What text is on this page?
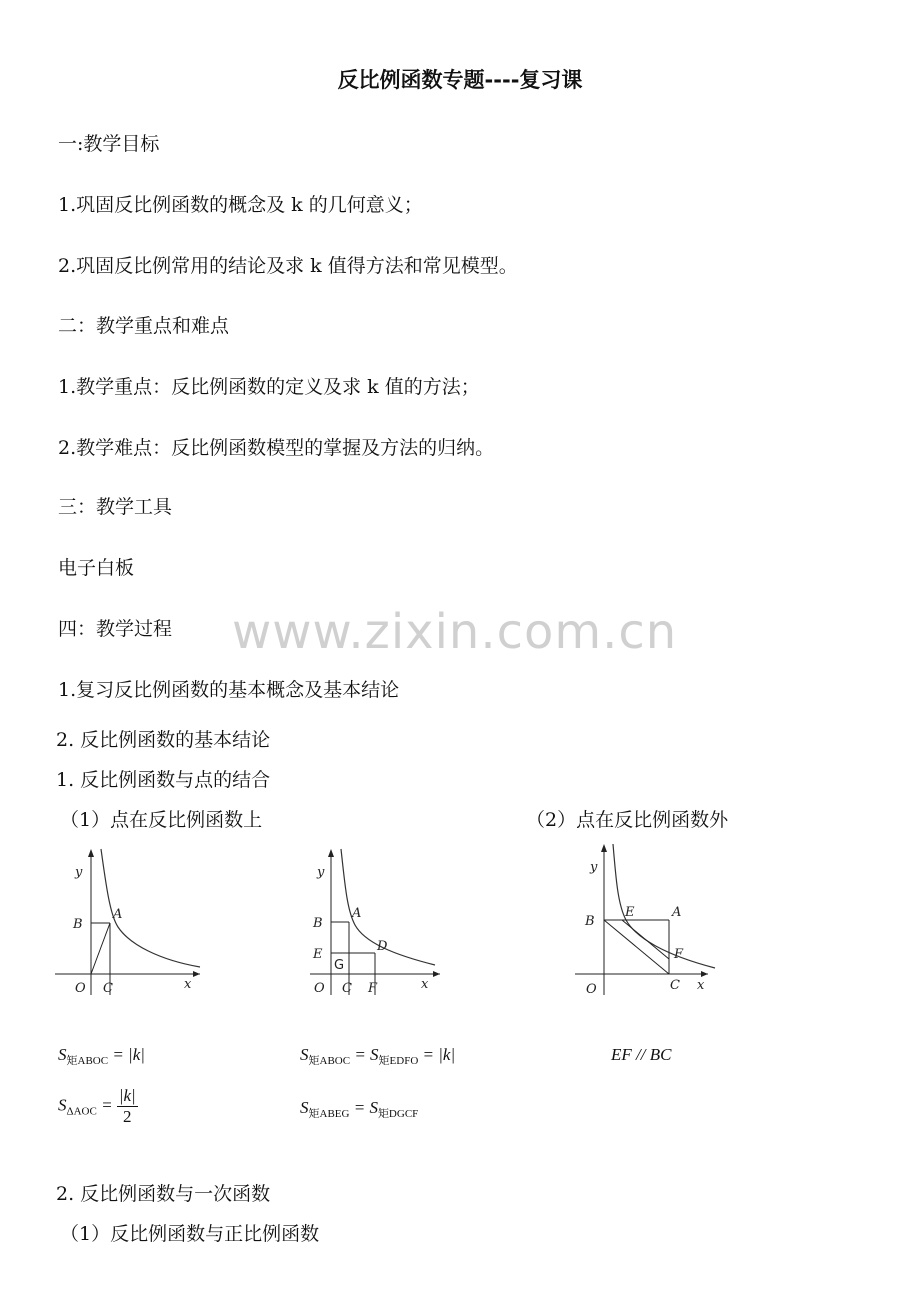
反比例函数专题----复习课
一:教学目标
1.巩固反比例函数的概念及 k 的几何意义；
2.巩固反比例常用的结论及求 k 值得方法和常见模型。
二：教学重点和难点
1.教学重点：反比例函数的定义及求 k 值的方法；
2.教学难点：反比例函数模型的掌握及方法的归纳。
三：教学工具
电子白板
四：教学过程 www.zixin.com.cn
1.复习反比例函数的基本概念及基本结论
2. 反比例函数的基本结论
1. 反比例函数与点的结合
（1）点在反比例函数上	（2）点在反比例函数外
y
x
O
A
B
C
y
x
O
A
B
C
D
E
F
G
y
x
O
A
B
C
E
F
$S_{矩ABOC} = |k|$
$S_{\Delta AOC} = \frac{|k|}{2}$
$S_{矩ABOC} = S_{矩EDFO} = |k|$
$S_{矩ABEG} = S_{矩DGCF}$
EF // BC
2. 反比例函数与一次函数
（1）反比例函数与正比例函数
